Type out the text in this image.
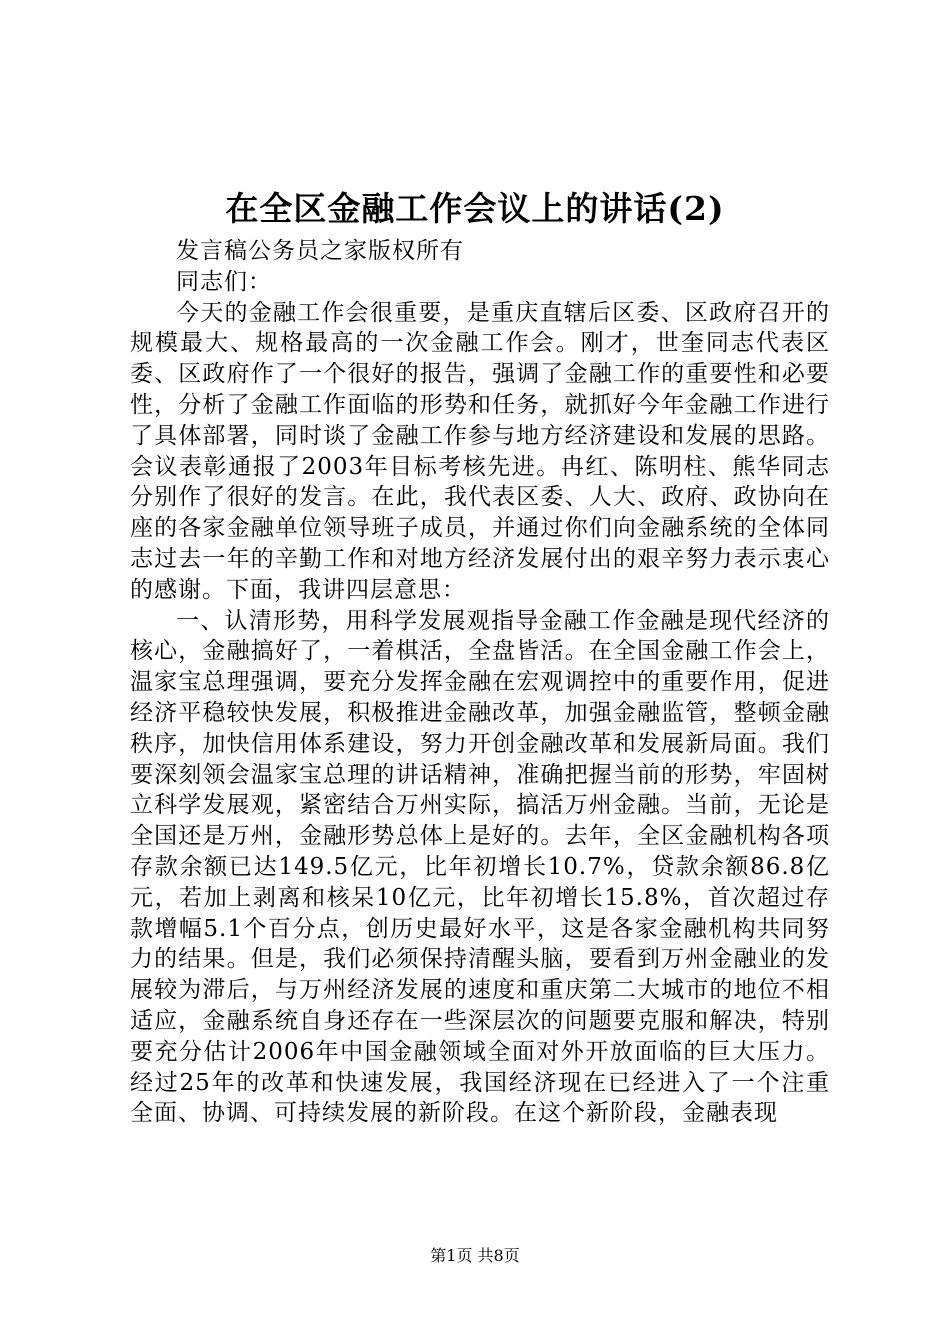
在全区金融工作会议上的讲话(2)

发言稿公务员之家版权所有

同志们：

今天的金融工作会很重要，是重庆直辖后区委、区政府召开的规模最大、规格最高的一次金融工作会。刚才，世奎同志代表区委、区政府作了一个很好的报告，强调了金融工作的重要性和必要性，分析了金融工作面临的形势和任务，就抓好今年金融工作进行了具体部署，同时谈了金融工作参与地方经济建设和发展的思路。会议表彰通报了2003年目标考核先进。冉红、陈明柱、熊华同志分别作了很好的发言。在此，我代表区委、人大、政府、政协向在座的各家金融单位领导班子成员，并通过你们向金融系统的全体同志过去一年的辛勤工作和对地方经济发展付出的艰辛努力表示衷心的感谢。下面，我讲四层意思：

一、认清形势，用科学发展观指导金融工作金融是现代经济的核心，金融搞好了，一着棋活，全盘皆活。在全国金融工作会上，温家宝总理强调，要充分发挥金融在宏观调控中的重要作用，促进经济平稳较快发展，积极推进金融改革，加强金融监管，整顿金融秩序，加快信用体系建设，努力开创金融改革和发展新局面。我们要深刻领会温家宝总理的讲话精神，准确把握当前的形势，牢固树立科学发展观，紧密结合万州实际，搞活万州金融。当前，无论是全国还是万州，金融形势总体上是好的。去年，全区金融机构各项存款余额已达149.5亿元，比年初增长10.7%，贷款余额86.8亿元，若加上剥离和核呆10亿元，比年初增长15.8%，首次超过存款增幅5.1个百分点，创历史最好水平，这是各家金融机构共同努力的结果。但是，我们必须保持清醒头脑，要看到万州金融业的发展较为滞后，与万州经济发展的速度和重庆第二大城市的地位不相适应，金融系统自身还存在一些深层次的问题要克服和解决，特别要充分估计2006年中国金融领域全面对外开放面临的巨大压力。经过25年的改革和快速发展，我国经济现在已经进入了一个注重全面、协调、可持续发展的新阶段。在这个新阶段，金融表现

第1页 共8页
